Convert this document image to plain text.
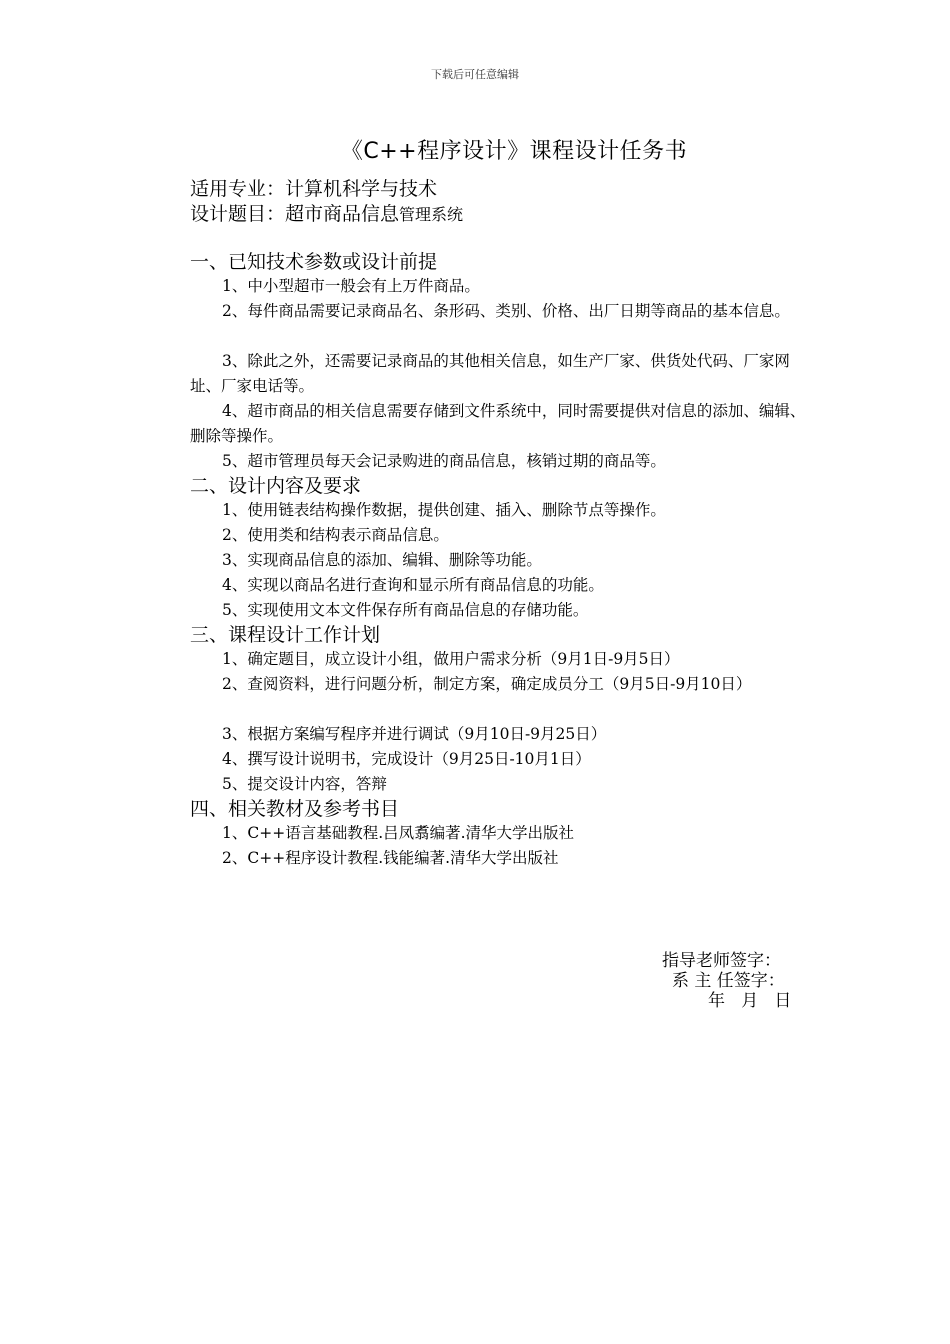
下载后可任意编辑
《C++程序设计》课程设计任务书
适用专业：计算机科学与技术
设计题目：超市商品信息管理系统
一、已知技术参数或设计前提
1、中小型超市一般会有上万件商品。
2、每件商品需要记录商品名、条形码、类别、价格、出厂日期等商品的基本信息。
3、除此之外，还需要记录商品的其他相关信息，如生产厂家、供货处代码、厂家网址、厂家电话等。
4、超市商品的相关信息需要存储到文件系统中，同时需要提供对信息的添加、编辑、删除等操作。
5、超市管理员每天会记录购进的商品信息，核销过期的商品等。
二、设计内容及要求
1、使用链表结构操作数据，提供创建、插入、删除节点等操作。
2、使用类和结构表示商品信息。
3、实现商品信息的添加、编辑、删除等功能。
4、实现以商品名进行查询和显示所有商品信息的功能。
5、实现使用文本文件保存所有商品信息的存储功能。
三、课程设计工作计划
1、确定题目，成立设计小组，做用户需求分析（9月1日-9月5日）
2、查阅资料，进行问题分析，制定方案，确定成员分工（9月5日-9月10日）
3、根据方案编写程序并进行调试（9月10日-9月25日）
4、撰写设计说明书，完成设计（9月25日-10月1日）
5、提交设计内容，答辩
四、相关教材及参考书目
1、C++语言基础教程.吕凤翥编著.清华大学出版社
2、C++程序设计教程.钱能编著.清华大学出版社
指导老师签字：
系 主 任签字：
年   月   日
